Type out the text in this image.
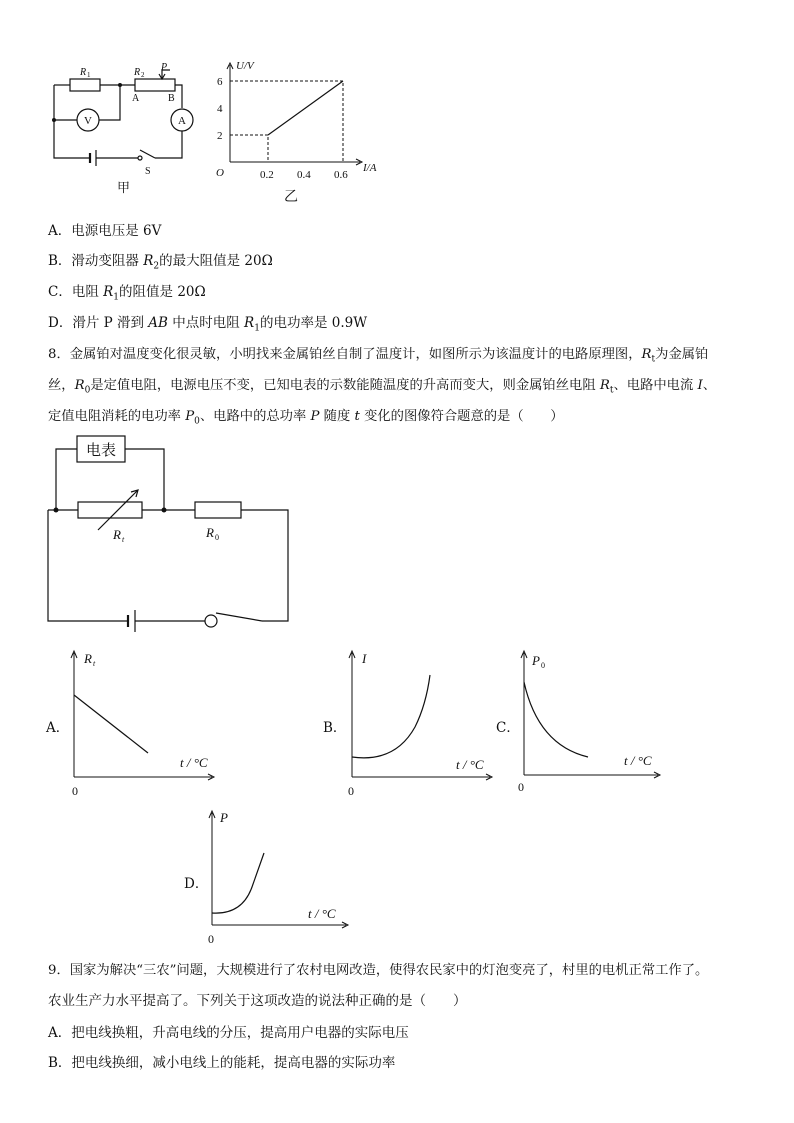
R 1	R 2
P
A	B
V	A
S
甲
U/V
I/A
O
6
4
2
0.2 0.4 0.6
乙
A．电源电压是 6V
B．滑动变阻器 $R_2$的最大阻值是 20Ω
C．电阻 $R_1$的阻值是 20Ω
D．滑片 P 滑到 AB 中点时电阻 $R_1$的电功率是 0.9W
8．金属铂对温度变化很灵敏，小明找来金属铂丝自制了温度计，如图所示为该温度计的电路原理图，$R_t$为金属铂
丝，$R_0$是定值电阻，电源电压不变，已知电表的示数能随温度的升高而变大，则金属铂丝电阻 $R_t$、电路中电流 I、
定值电阻消耗的电功率 $P_0$、电路中的总功率 P 随度 t 变化的图像符合题意的是（　　）
电表
R t	R 0
A．
R t
t / °C
0
B．
I
t / °C
0
C．
P 0
t / °C
0
D．
P
t / °C
0
9．国家为解决“三农”问题，大规模进行了农村电网改造，使得农民家中的灯泡变亮了，村里的电机正常工作了。
农业生产力水平提高了。下列关于这项改造的说法种正确的是（　　）
A．把电线换粗，升高电线的分压，提高用户电器的实际电压
B．把电线换细，减小电线上的能耗，提高电器的实际功率
